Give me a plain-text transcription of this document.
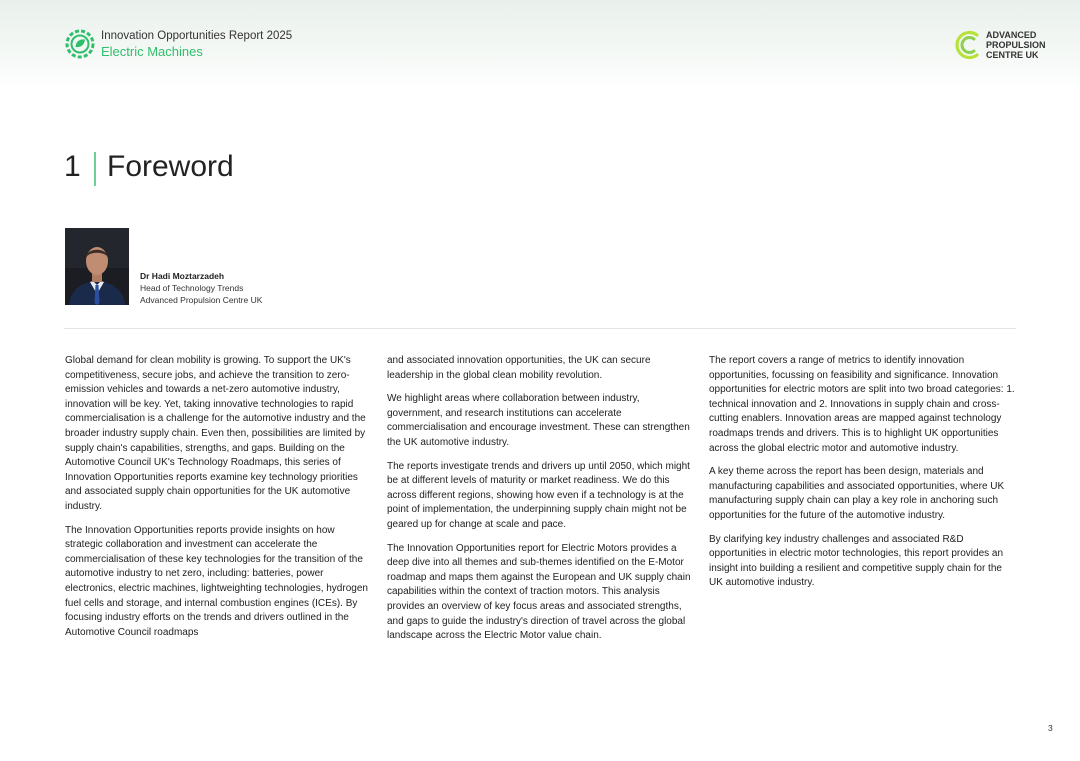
Innovation Opportunities Report 2025
Electric Machines
ADVANCED
PROPULSION
CENTRE UK
1 Foreword
Dr Hadi Moztarzadeh
Head of Technology Trends
Advanced Propulsion Centre UK

Global demand for clean mobility is growing. To support the UK's competitiveness, secure jobs, and achieve the transition to zero-emission vehicles and towards a net-zero automotive industry, innovation will be key. Yet, taking innovative technologies to rapid commercialisation is a challenge for the automotive industry and the broader industry supply chain. Even then, possibilities are limited by supply chain's capabilities, strengths, and gaps. Building on the Automotive Council UK's Technology Roadmaps, this series of Innovation Opportunities reports examine key technology priorities and associated supply chain opportunities for the UK automotive industry.

The Innovation Opportunities reports provide insights on how strategic collaboration and investment can accelerate the commercialisation of these key technologies for the transition of the automotive industry to net zero, including: batteries, power electronics, electric machines, lightweighting technologies, hydrogen fuel cells and storage, and internal combustion engines (ICEs). By focusing industry efforts on the trends and drivers outlined in the Automotive Council roadmaps

and associated innovation opportunities, the UK can secure leadership in the global clean mobility revolution.

We highlight areas where collaboration between industry, government, and research institutions can accelerate commercialisation and encourage investment. These can strengthen the UK automotive industry.

The reports investigate trends and drivers up until 2050, which might be at different levels of maturity or market readiness. We do this across different regions, showing how even if a technology is at the point of implementation, the underpinning supply chain might not be geared up for change at scale and pace.

The Innovation Opportunities report for Electric Motors provides a deep dive into all themes and sub-themes identified on the E-Motor roadmap and maps them against the European and UK supply chain capabilities within the context of traction motors. This analysis provides an overview of key focus areas and associated strengths, and gaps to guide the industry's direction of travel across the global landscape across the Electric Motor value chain.

The report covers a range of metrics to identify innovation opportunities, focussing on feasibility and significance. Innovation opportunities for electric motors are split into two broad categories: 1. technical innovation and 2. Innovations in supply chain and cross-cutting enablers. Innovation areas are mapped against technology roadmaps trends and drivers. This is to highlight UK opportunities across the global electric motor and automotive industry.

A key theme across the report has been design, materials and manufacturing capabilities and associated opportunities, where UK manufacturing supply chain can play a key role in anchoring such opportunities for the future of the automotive industry.

By clarifying key industry challenges and associated R&D opportunities in electric motor technologies, this report provides an insight into building a resilient and competitive supply chain for the UK automotive industry.

3
